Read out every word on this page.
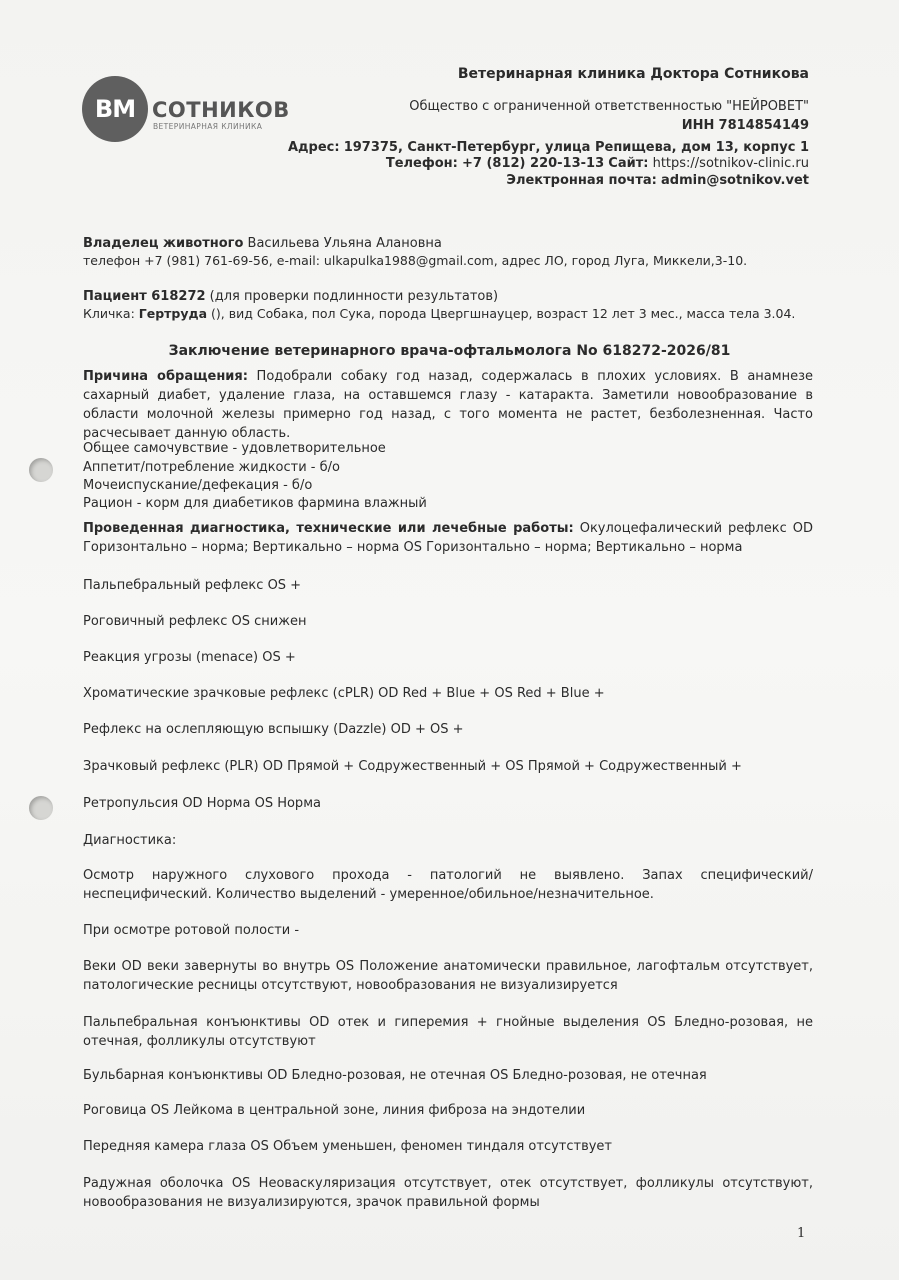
BM СОТНИКОВ
ВЕТЕРИНАРНАЯ КЛИНИКА
Ветеринарная клиника Доктора Сотникова
Общество с ограниченной ответственностью "НЕЙРОВЕТ"
ИНН 7814854149
Адрес: 197375, Санкт-Петербург, улица Репищева, дом 13, корпус 1
Телефон: +7 (812) 220-13-13 Сайт: https://sotnikov-clinic.ru
Электронная почта: admin@sotnikov.vet
Владелец животного Васильева Ульяна Алановна
телефон +7 (981) 761-69-56, e-mail: ulkapulka1988@gmail.com, адрес ЛО, город Луга, Миккели,3-10.
Пациент 618272 (для проверки подлинности результатов)
Кличка: Гертруда (), вид Собака, пол Сука, порода Цвергшнауцер, возраст 12 лет 3 мес., масса тела 3.04.
Заключение ветеринарного врача-офтальмолога No 618272-2026/81
Причина обращения: Подобрали собаку год назад, содержалась в плохих условиях. В анамнезе сахарный диабет, удаление глаза, на оставшемся глазу - катаракта. Заметили новообразование в области молочной железы примерно год назад, с того момента не растет, безболезненная. Часто расчесывает данную область.
Общее самочувствие - удовлетворительное
Аппетит/потребление жидкости - б/о
Мочеиспускание/дефекация - б/о
Рацион - корм для диабетиков фармина влажный
Проведенная диагностика, технические или лечебные работы: Окулоцефалический рефлекс OD Горизонтально – норма; Вертикально – норма OS Горизонтально – норма; Вертикально – норма
Пальпебральный рефлекс OS +
Роговичный рефлекс OS снижен
Реакция угрозы (menace) OS +
Хроматические зрачковые рефлекс (cPLR) OD Red + Blue + OS Red + Blue +
Рефлекс на ослепляющую вспышку (Dazzle) OD + OS +
Зрачковый рефлекс (PLR) OD Прямой + Содружественный + OS Прямой + Содружественный +
Ретропульсия OD Норма OS Норма
Диагностика:
Осмотр наружного слухового прохода - патологий не выявлено. Запах специфический/неспецифический. Количество выделений - умеренное/обильное/незначительное.
При осмотре ротовой полости -
Веки OD веки завернуты во внутрь OS Положение анатомически правильное, лагофтальм отсутствует, патологические ресницы отсутствуют, новообразования не визуализируется
Пальпебральная конъюнктивы OD отек и гиперемия + гнойные выделения OS Бледно-розовая, не отечная, фолликулы отсутствуют
Бульбарная конъюнктивы OD Бледно-розовая, не отечная OS Бледно-розовая, не отечная
Роговица OS Лейкома в центральной зоне, линия фиброза на эндотелии
Передняя камера глаза OS Объем уменьшен, феномен тиндаля отсутствует
Радужная оболочка OS Неоваскуляризация отсутствует, отек отсутствует, фолликулы отсутствуют, новообразования не визуализируются, зрачок правильной формы
1
